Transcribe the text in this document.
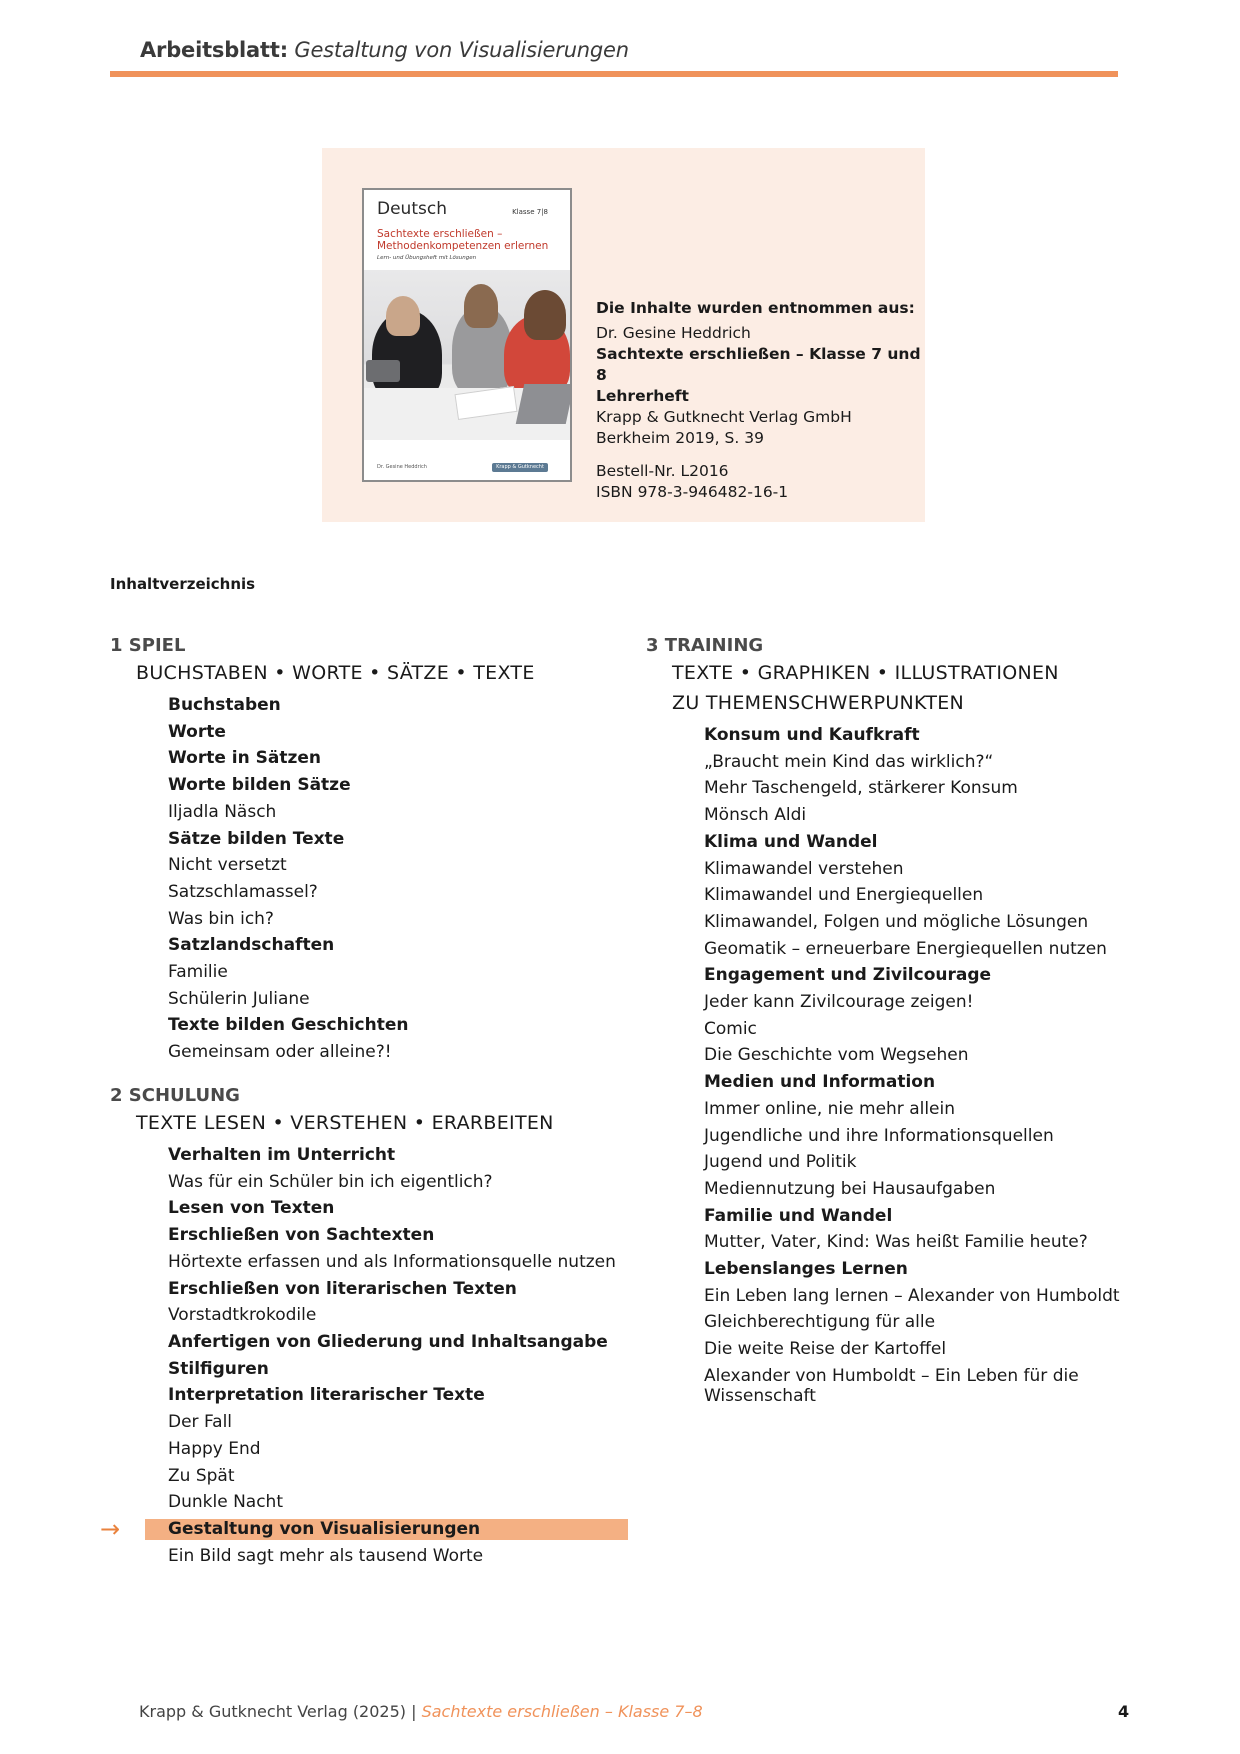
Arbeitsblatt: Gestaltung von Visualisierungen
Deutsch	Klasse 7|8
Sachtexte erschließen – Methodenkompetenzen erlernen
Lern- und Übungsheft mit Lösungen
Dr. Gesine Heddrich	Krapp & Gutknecht
Die Inhalte wurden entnommen aus:
Dr. Gesine Heddrich
Sachtexte erschließen – Klasse 7 und 8
Lehrerheft
Krapp & Gutknecht Verlag GmbH
Berkheim 2019, S. 39
Bestell-Nr. L2016
ISBN 978-3-946482-16-1
Inhaltverzeichnis
1 SPIEL
BUCHSTABEN • WORTE • SÄTZE • TEXTE
Buchstaben
Worte
Worte in Sätzen
Worte bilden Sätze
Iljadla Näsch
Sätze bilden Texte
Nicht versetzt
Satzschlamassel?
Was bin ich?
Satzlandschaften
Familie
Schülerin Juliane
Texte bilden Geschichten
Gemeinsam oder alleine?!
2 SCHULUNG
TEXTE LESEN • VERSTEHEN • ERARBEITEN
Verhalten im Unterricht
Was für ein Schüler bin ich eigentlich?
Lesen von Texten
Erschließen von Sachtexten
Hörtexte erfassen und als Informationsquelle nutzen
Erschließen von literarischen Texten
Vorstadtkrokodile
Anfertigen von Gliederung und Inhaltsangabe
Stilfiguren
Interpretation literarischer Texte
Der Fall
Happy End
Zu Spät
Dunkle Nacht
→	Gestaltung von Visualisierungen
Ein Bild sagt mehr als tausend Worte
3 TRAINING
TEXTE • GRAPHIKEN • ILLUSTRATIONEN
ZU THEMENSCHWERPUNKTEN
Konsum und Kaufkraft
„Braucht mein Kind das wirklich?“
Mehr Taschengeld, stärkerer Konsum
Mönsch Aldi
Klima und Wandel
Klimawandel verstehen
Klimawandel und Energiequellen
Klimawandel, Folgen und mögliche Lösungen
Geomatik – erneuerbare Energiequellen nutzen
Engagement und Zivilcourage
Jeder kann Zivilcourage zeigen!
Comic
Die Geschichte vom Wegsehen
Medien und Information
Immer online, nie mehr allein
Jugendliche und ihre Informationsquellen
Jugend und Politik
Mediennutzung bei Hausaufgaben
Familie und Wandel
Mutter, Vater, Kind: Was heißt Familie heute?
Lebenslanges Lernen
Ein Leben lang lernen – Alexander von Humboldt
Gleichberechtigung für alle
Die weite Reise der Kartoffel
Alexander von Humboldt – Ein Leben für die Wissenschaft
Krapp & Gutknecht Verlag (2025) | Sachtexte erschließen – Klasse 7–8	4
